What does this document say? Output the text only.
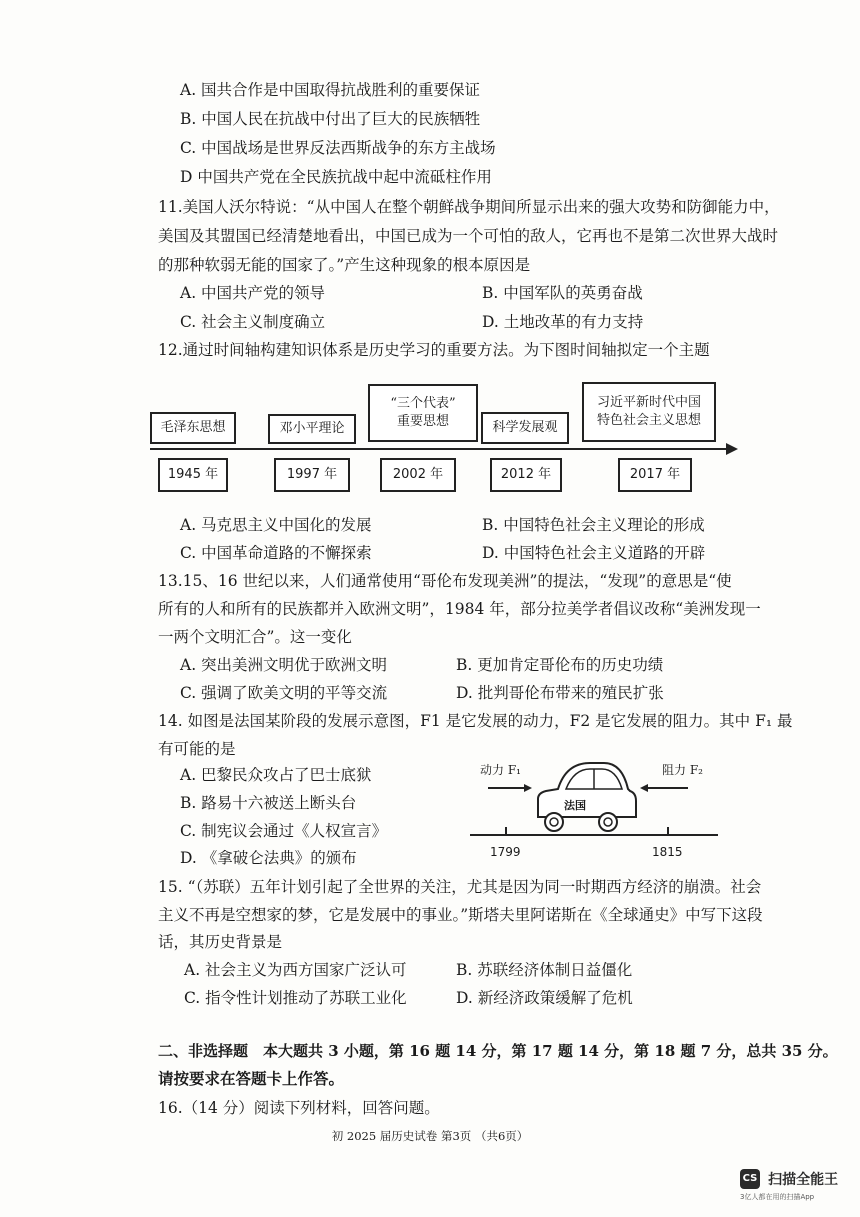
A. 国共合作是中国取得抗战胜利的重要保证
B. 中国人民在抗战中付出了巨大的民族牺牲
C. 中国战场是世界反法西斯战争的东方主战场
D 中国共产党在全民族抗战中起中流砥柱作用
11.美国人沃尔特说：“从中国人在整个朝鲜战争期间所显示出来的强大攻势和防御能力中，
美国及其盟国已经清楚地看出，中国已成为一个可怕的敌人，它再也不是第二次世界大战时
的那种软弱无能的国家了。”产生这种现象的根本原因是
A. 中国共产党的领导	B. 中国军队的英勇奋战
C. 社会主义制度确立	D. 土地改革的有力支持
12.通过时间轴构建知识体系是历史学习的重要方法。为下图时间轴拟定一个主题
毛泽东思想	邓小平理论
“三个代表”
重要思想	科学发展观
习近平新时代中国
特色社会主义思想
1945 年	1997 年	2002 年	2012 年	2017 年
A. 马克思主义中国化的发展	B. 中国特色社会主义理论的形成
C. 中国革命道路的不懈探索	D. 中国特色社会主义道路的开辟
13.15、16 世纪以来，人们通常使用“哥伦布发现美洲”的提法，“发现”的意思是“使
所有的人和所有的民族都并入欧洲文明”，1984 年，部分拉美学者倡议改称“美洲发现一
一两个文明汇合”。这一变化
A. 突出美洲文明优于欧洲文明	B. 更加肯定哥伦布的历史功绩
C. 强调了欧美文明的平等交流	D. 批判哥伦布带来的殖民扩张
14. 如图是法国某阶段的发展示意图，F1 是它发展的动力，F2 是它发展的阻力。其中 F₁ 最
有可能的是
A. 巴黎民众攻占了巴士底狱
B. 路易十六被送上断头台
C. 制宪议会通过《人权宣言》
D. 《拿破仑法典》的颁布
动力 F₁	阻力 F₂
法国
1799	1815
15. “（苏联）五年计划引起了全世界的关注，尤其是因为同一时期西方经济的崩溃。社会
主义不再是空想家的梦，它是发展中的事业。”斯塔夫里阿诺斯在《全球通史》中写下这段
话，其历史背景是
A. 社会主义为西方国家广泛认可	B. 苏联经济体制日益僵化
C. 指令性计划推动了苏联工业化	D. 新经济政策缓解了危机
二、非选择题　本大题共 3 小题，第 16 题 14 分，第 17 题 14 分，第 18 题 7 分，总共 35 分。
请按要求在答题卡上作答。
16.（14 分）阅读下列材料，回答问题。
初 2025 届历史试卷 第3页 （共6页）
CS 扫描全能王
3亿人都在用的扫描App
